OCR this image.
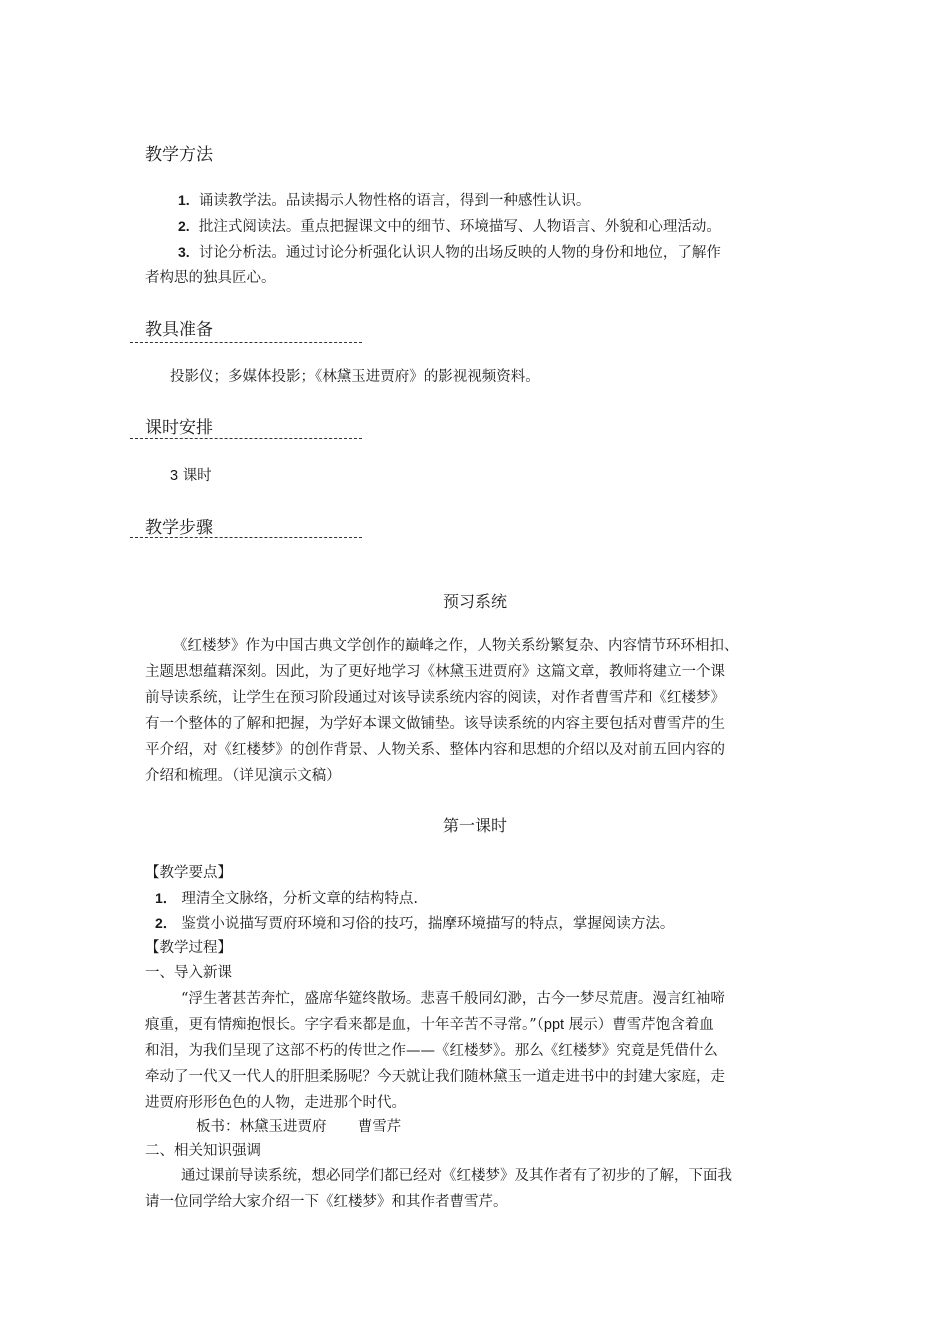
教学方法
1. 诵读教学法。品读揭示人物性格的语言，得到一种感性认识。
2. 批注式阅读法。重点把握课文中的细节、环境描写、人物语言、外貌和心理活动。
3. 讨论分析法。通过讨论分析强化认识人物的出场反映的人物的身份和地位，了解作
者构思的独具匠心。
教具准备
投影仪；多媒体投影；《林黛玉进贾府》的影视视频资料。
课时安排
3 课时
教学步骤
预习系统
《红楼梦》作为中国古典文学创作的巅峰之作，人物关系纷繁复杂、内容情节环环相扣、
主题思想蕴藉深刻。因此，为了更好地学习《林黛玉进贾府》这篇文章，教师将建立一个课
前导读系统，让学生在预习阶段通过对该导读系统内容的阅读，对作者曹雪芹和《红楼梦》
有一个整体的了解和把握，为学好本课文做铺垫。该导读系统的内容主要包括对曹雪芹的生
平介绍，对《红楼梦》的创作背景、人物关系、整体内容和思想的介绍以及对前五回内容的
介绍和梳理。（详见演示文稿）
第一课时
【教学要点】
1． 理清全文脉络，分析文章的结构特点.
2． 鉴赏小说描写贾府环境和习俗的技巧，揣摩环境描写的特点，掌握阅读方法。
【教学过程】
一、导入新课
“浮生著甚苦奔忙，盛席华筵终散场。悲喜千般同幻渺，古今一梦尽荒唐。漫言红袖啼
痕重，更有情痴抱恨长。字字看来都是血，十年辛苦不寻常。”（ppt 展示）曹雪芹饱含着血
和泪，为我们呈现了这部不朽的传世之作——《红楼梦》。那么《红楼梦》究竟是凭借什么
牵动了一代又一代人的肝胆柔肠呢？今天就让我们随林黛玉一道走进书中的封建大家庭，走
进贾府形形色色的人物，走进那个时代。
板书：林黛玉进贾府 曹雪芹
二、相关知识强调
通过课前导读系统，想必同学们都已经对《红楼梦》及其作者有了初步的了解，下面我
请一位同学给大家介绍一下《红楼梦》和其作者曹雪芹。
